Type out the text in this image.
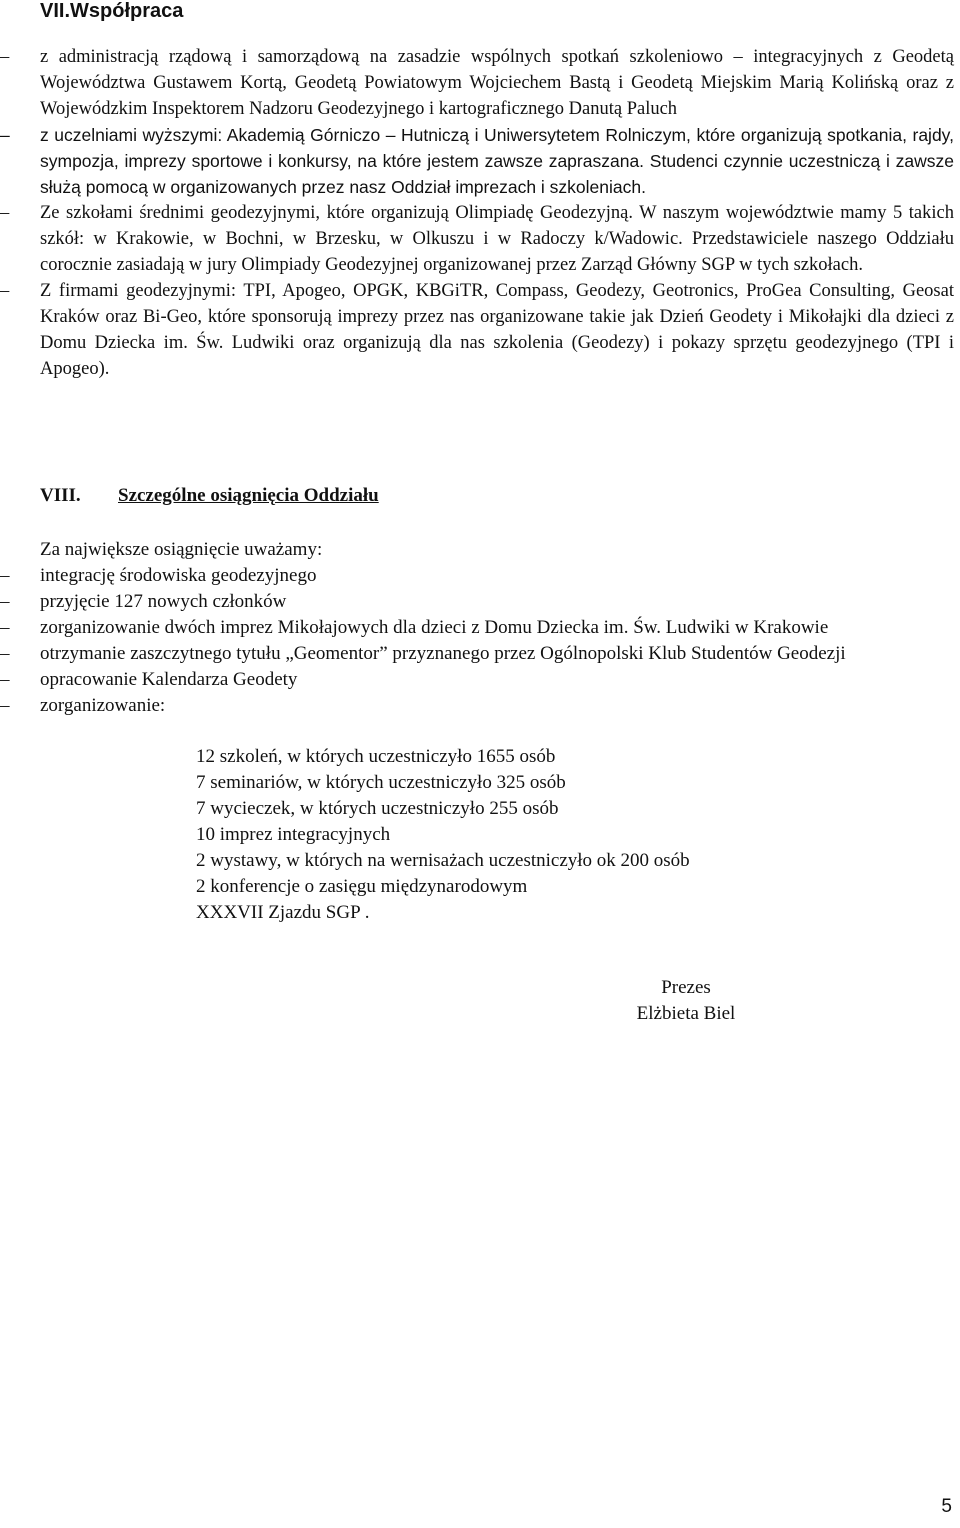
VII.Współpraca
–	z administracją rządową i samorządową na zasadzie wspólnych spotkań szkoleniowo – integracyjnych z Geodetą Województwa Gustawem Kortą, Geodetą Powiatowym Wojciechem Bastą i Geodetą Miejskim Marią Kolińską oraz z Wojewódzkim Inspektorem Nadzoru Geodezyjnego i kartograficznego Danutą Paluch
–	z uczelniami wyższymi: Akademią Górniczo – Hutniczą i Uniwersytetem Rolniczym, które organizują spotkania, rajdy, sympozja, imprezy sportowe i konkursy, na które jestem zawsze zapraszana. Studenci czynnie uczestniczą i zawsze służą pomocą w organizowanych przez nasz Oddział imprezach i szkoleniach.
–	Ze szkołami średnimi geodezyjnymi, które organizują Olimpiadę Geodezyjną. W naszym województwie mamy 5 takich szkół: w Krakowie, w Bochni, w Brzesku, w Olkuszu i w Radoczy k/Wadowic. Przedstawiciele naszego Oddziału corocznie zasiadają w jury Olimpiady Geodezyjnej organizowanej przez Zarząd Główny SGP w tych szkołach.
–	Z firmami geodezyjnymi: TPI, Apogeo, OPGK, KBGiTR, Compass, Geodezy, Geotronics, ProGea Consulting, Geosat Kraków oraz Bi-Geo, które sponsorują imprezy przez nas organizowane takie jak Dzień Geodety i Mikołajki dla dzieci z Domu Dziecka im. Św. Ludwiki oraz organizują dla nas szkolenia (Geodezy) i pokazy sprzętu geodezyjnego (TPI i Apogeo).
VIII. Szczególne osiągnięcia Oddziału

Za największe osiągnięcie uważamy:

–	integrację środowiska geodezyjnego
–	przyjęcie 127 nowych członków
–	zorganizowanie dwóch imprez Mikołajowych dla dzieci z Domu Dziecka im. Św. Ludwiki w Krakowie
–	otrzymanie zaszczytnego tytułu „Geomentor” przyznanego przez Ogólnopolski Klub Studentów Geodezji
–	opracowanie Kalendarza Geodety
–	zorganizowanie:
12 szkoleń, w których uczestniczyło 1655 osób
7 seminariów, w których uczestniczyło 325 osób
7 wycieczek, w których uczestniczyło 255 osób
10 imprez integracyjnych
2 wystawy, w których na wernisażach uczestniczyło ok 200 osób
2 konferencje o zasięgu międzynarodowym
XXXVII Zjazdu SGP .
Prezes
Elżbieta Biel
5
